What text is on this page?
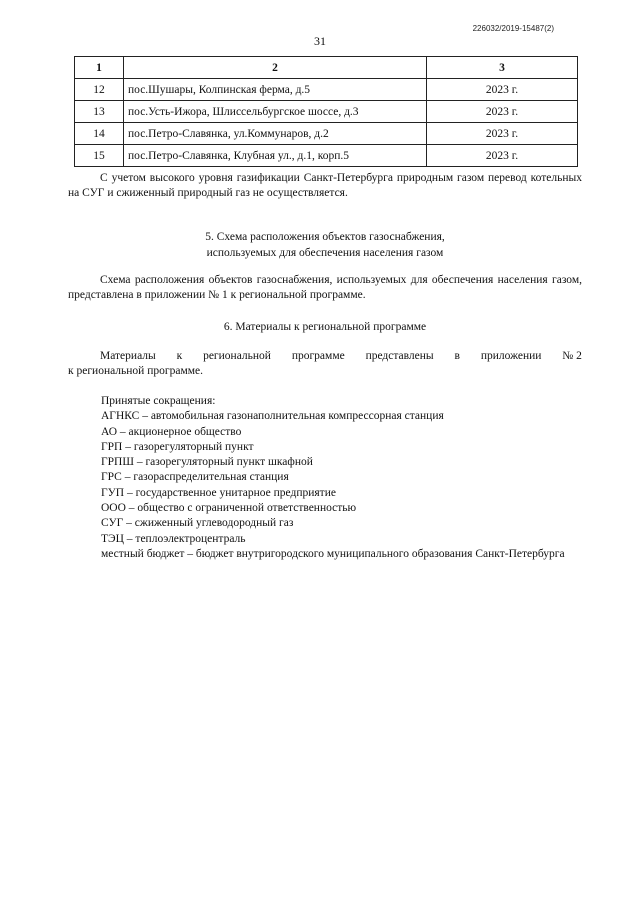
226032/2019-15487(2)
31
1	2	3
12	пос.Шушары, Колпинская ферма, д.5	2023 г.
13	пос.Усть-Ижора, Шлиссельбургское шоссе, д.3	2023 г.
14	пос.Петро-Славянка, ул.Коммунаров, д.2	2023 г.
15	пос.Петро-Славянка, Клубная ул., д.1, корп.5	2023 г.

С учетом высокого уровня газификации Санкт-Петербурга природным газом перевод котельных на СУГ и сжиженный природный газ не осуществляется.

5. Схема расположения объектов газоснабжения,
используемых для обеспечения населения газом

Схема расположения объектов газоснабжения, используемых для обеспечения населения газом, представлена в приложении № 1 к региональной программе.

6. Материалы к региональной программе
Материалы к региональной программе представлены в приложении № 2
к региональной программе.
Принятые сокращения:
АГНКС – автомобильная газонаполнительная компрессорная станция
АО – акционерное общество
ГРП – газорегуляторный пункт
ГРПШ – газорегуляторный пункт шкафной
ГРС – газораспределительная станция
ГУП – государственное унитарное предприятие
ООО – общество с ограниченной ответственностью
СУГ – сжиженный углеводородный газ
ТЭЦ – теплоэлектроцентраль
местный бюджет – бюджет внутригородского муниципального образования Санкт-Петербурга
